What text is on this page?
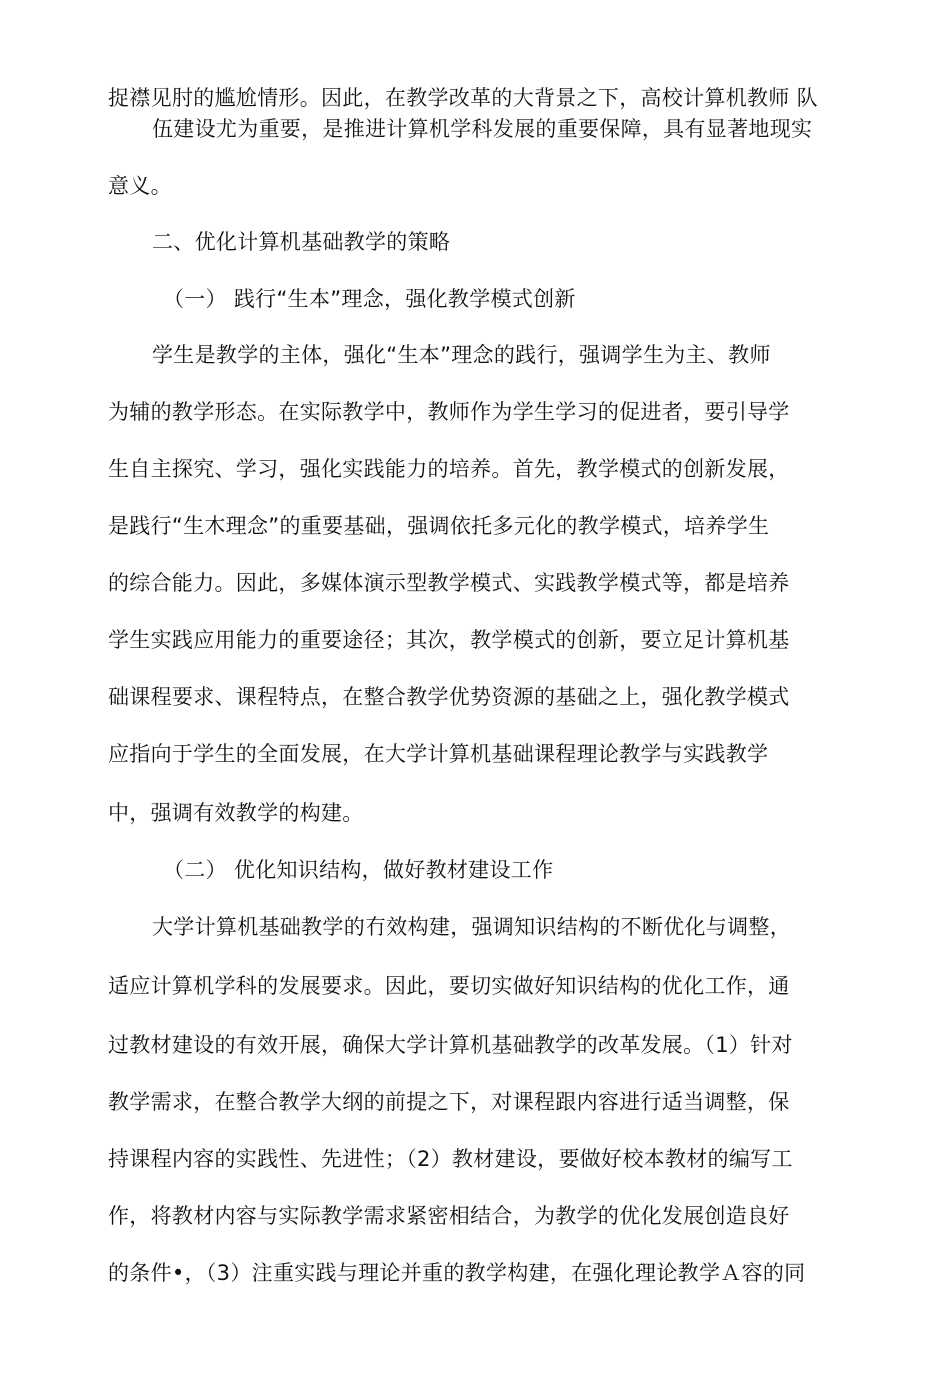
捉襟见肘的尴尬情形。因此，在教学改革的大背景之下，高校计算机教师 队
伍建设尤为重要，是推进计算机学科发展的重要保障，具有显著地现实
意义。
二、优化计算机基础教学的策略
（一） 践行“生本”理念，强化教学模式创新
学生是教学的主体，强化“生本”理念的践行，强调学生为主、教师
为辅的教学形态。在实际教学中，教师作为学生学习的促进者，要引导学
生自主探究、学习，强化实践能力的培养。首先，教学模式的创新发展，
是践行“生木理念”的重要基础，强调依托多元化的教学模式，培养学生
的综合能力。因此，多媒体演示型教学模式、实践教学模式等，都是培养
学生实践应用能力的重要途径；其次，教学模式的创新，要立足计算机基
础课程要求、课程特点，在整合教学优势资源的基础之上，强化教学模式
应指向于学生的全面发展，在大学计算机基础课程理论教学与实践教学
中，强调有效教学的构建。
（二） 优化知识结构，做好教材建设工作
大学计算机基础教学的冇效构建，强调知识结构的不断优化与调整，
适应计算机学科的发展要求。因此，要切实做好知识结构的优化工作，通
过教材建设的有效开展，确保大学计算机基础教学的改革发展。（1）针对
教学需求，在整合教学大纲的前提之下，对课程跟内容进行适当调整，保
持课程内容的实践性、先进性；（2）教材建设，要做好校本教材的编写工
作，将教材内容与实际教学需求紧密相结合，为教学的优化发展创造良好
的条件•，（3）注重实践与理论并重的教学构建，在强化理论教学Ａ容的同
